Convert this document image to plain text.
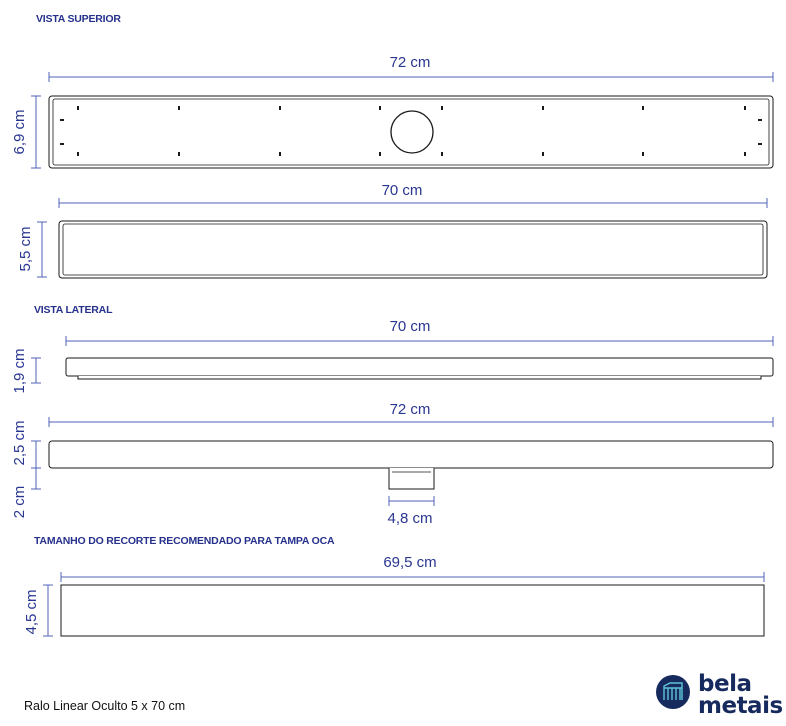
VISTA SUPERIOR
72 cm
6,9 cm
70 cm
5,5 cm
VISTA LATERAL
70 cm
1,9 cm
72 cm
2,5 cm
2 cm
4,8 cm
TAMANHO DO RECORTE RECOMENDADO PARA TAMPA OCA
69,5 cm
4,5 cm
Ralo Linear Oculto 5 x 70 cm
bela
metais
